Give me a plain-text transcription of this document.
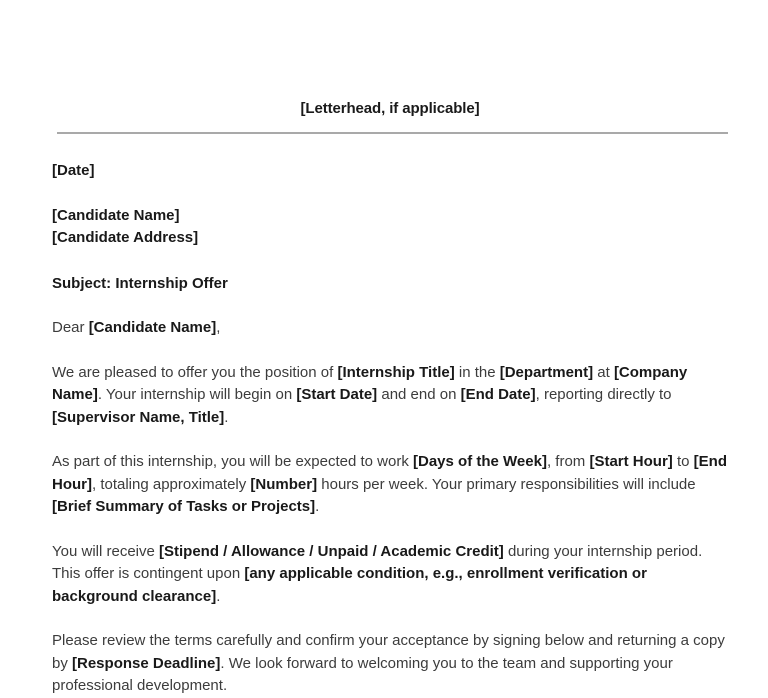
[Letterhead, if applicable]

[Date]

[Candidate Name]
[Candidate Address]

Subject: Internship Offer

Dear [Candidate Name],

We are pleased to offer you the position of [Internship Title] in the [Department] at [Company Name]. Your internship will begin on [Start Date] and end on [End Date], reporting directly to [Supervisor Name, Title].

As part of this internship, you will be expected to work [Days of the Week], from [Start Hour] to [End Hour], totaling approximately [Number] hours per week. Your primary responsibilities will include [Brief Summary of Tasks or Projects].

You will receive [Stipend / Allowance / Unpaid / Academic Credit] during your internship period. This offer is contingent upon [any applicable condition, e.g., enrollment verification or background clearance].

Please review the terms carefully and confirm your acceptance by signing below and returning a copy by [Response Deadline]. We look forward to welcoming you to the team and supporting your professional development.
